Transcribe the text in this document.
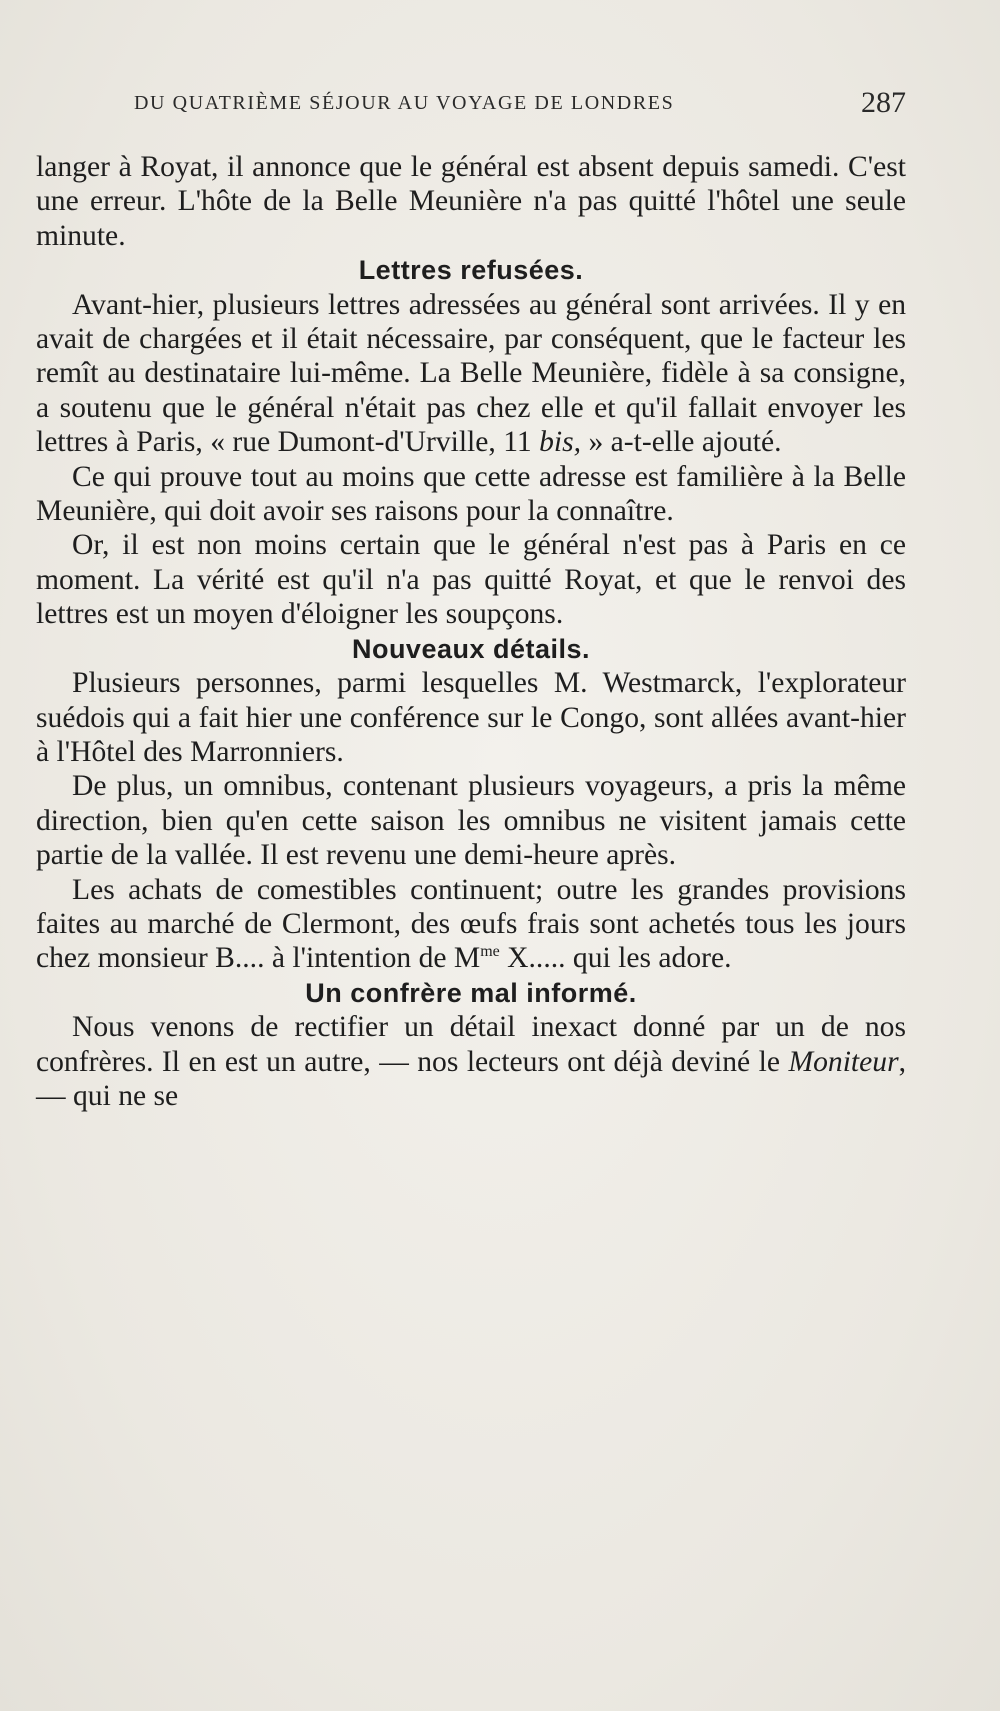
DU QUATRIÈME SÉJOUR AU VOYAGE DE LONDRES	287

langer à Royat, il annonce que le général est absent depuis samedi. C'est une erreur. L'hôte de la Belle Meunière n'a pas quitté l'hôtel une seule minute.

Lettres refusées.

Avant-hier, plusieurs lettres adressées au général sont arrivées. Il y en avait de chargées et il était nécessaire, par conséquent, que le facteur les remît au destinataire lui-même. La Belle Meunière, fidèle à sa consigne, a soutenu que le général n'était pas chez elle et qu'il fallait envoyer les lettres à Paris, « rue Dumont-d'Urville, 11 bis, » a-t-elle ajouté.

Ce qui prouve tout au moins que cette adresse est familière à la Belle Meunière, qui doit avoir ses raisons pour la connaître.

Or, il est non moins certain que le général n'est pas à Paris en ce moment. La vérité est qu'il n'a pas quitté Royat, et que le renvoi des lettres est un moyen d'éloigner les soupçons.

Nouveaux détails.

Plusieurs personnes, parmi lesquelles M. Westmarck, l'explorateur suédois qui a fait hier une conférence sur le Congo, sont allées avant-hier à l'Hôtel des Marronniers.

De plus, un omnibus, contenant plusieurs voyageurs, a pris la même direction, bien qu'en cette saison les omnibus ne visitent jamais cette partie de la vallée. Il est revenu une demi-heure après.

Les achats de comestibles continuent; outre les grandes provisions faites au marché de Clermont, des œufs frais sont achetés tous les jours chez monsieur B.... à l'intention de $M^{me}$ X..... qui les adore.

Un confrère mal informé.

Nous venons de rectifier un détail inexact donné par un de nos confrères. Il en est un autre, — nos lecteurs ont déjà deviné le Moniteur, — qui ne se
